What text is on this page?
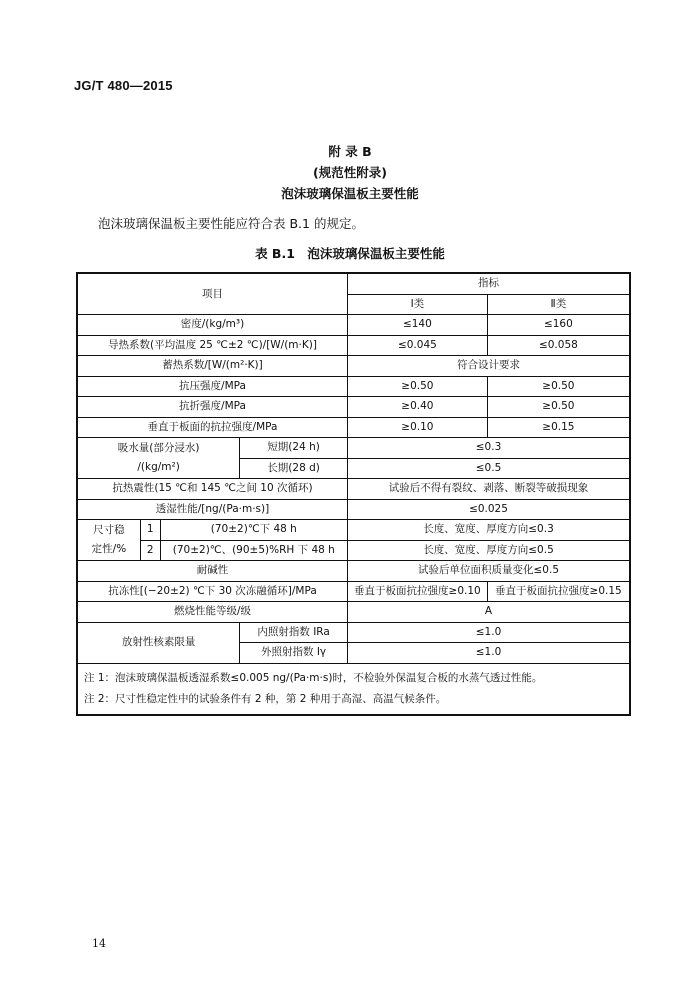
JG/T 480—2015
附 录 B
(规范性附录)
泡沫玻璃保温板主要性能
泡沫玻璃保温板主要性能应符合表 B.1 的规定。
表 B.1　泡沫玻璃保温板主要性能
项目				指标	
				Ⅰ类	Ⅱ类
密度/(kg/m³)				≤140	≤160
导热系数(平均温度 25 ℃±2 ℃)/[W/(m·K)]				≤0.045	≤0.058
蓄热系数/[W/(m²·K)]				符合设计要求	
抗压强度/MPa				≥0.50	≥0.50
抗折强度/MPa				≥0.40	≥0.50
垂直于板面的抗拉强度/MPa				≥0.10	≥0.15

吸水量(部分浸水)
/(kg/m²)			短期(24 h)	≤0.3	
			长期(28 d)	≤0.5	
抗热震性(15 ℃和 145 ℃之间 10 次循环)				试验后不得有裂纹、剥落、断裂等破损现象	
透湿性能/[ng/(Pa·m·s)]				≤0.025	

尺寸稳
定性/%	1	(70±2)℃下 48 h		长度、宽度、厚度方向≤0.3	
	2	(70±2)℃、(90±5)%RH 下 48 h		长度、宽度、厚度方向≤0.5	
耐碱性				试验后单位面积质量变化≤0.5	
抗冻性[(−20±2) ℃下 30 次冻融循环]/MPa				垂直于板面抗拉强度≥0.10	垂直于板面抗拉强度≥0.15
燃烧性能等级/级				A	
放射性核素限量			内照射指数 IRa	≤1.0	
			外照射指数 Iγ	≤1.0	

注 1：泡沫玻璃保温板透湿系数≤0.005 ng/(Pa·m·s)时，不检验外保温复合板的水蒸气透过性能。
注 2：尺寸性稳定性中的试验条件有 2 种，第 2 种用于高湿、高温气候条件。					
14
